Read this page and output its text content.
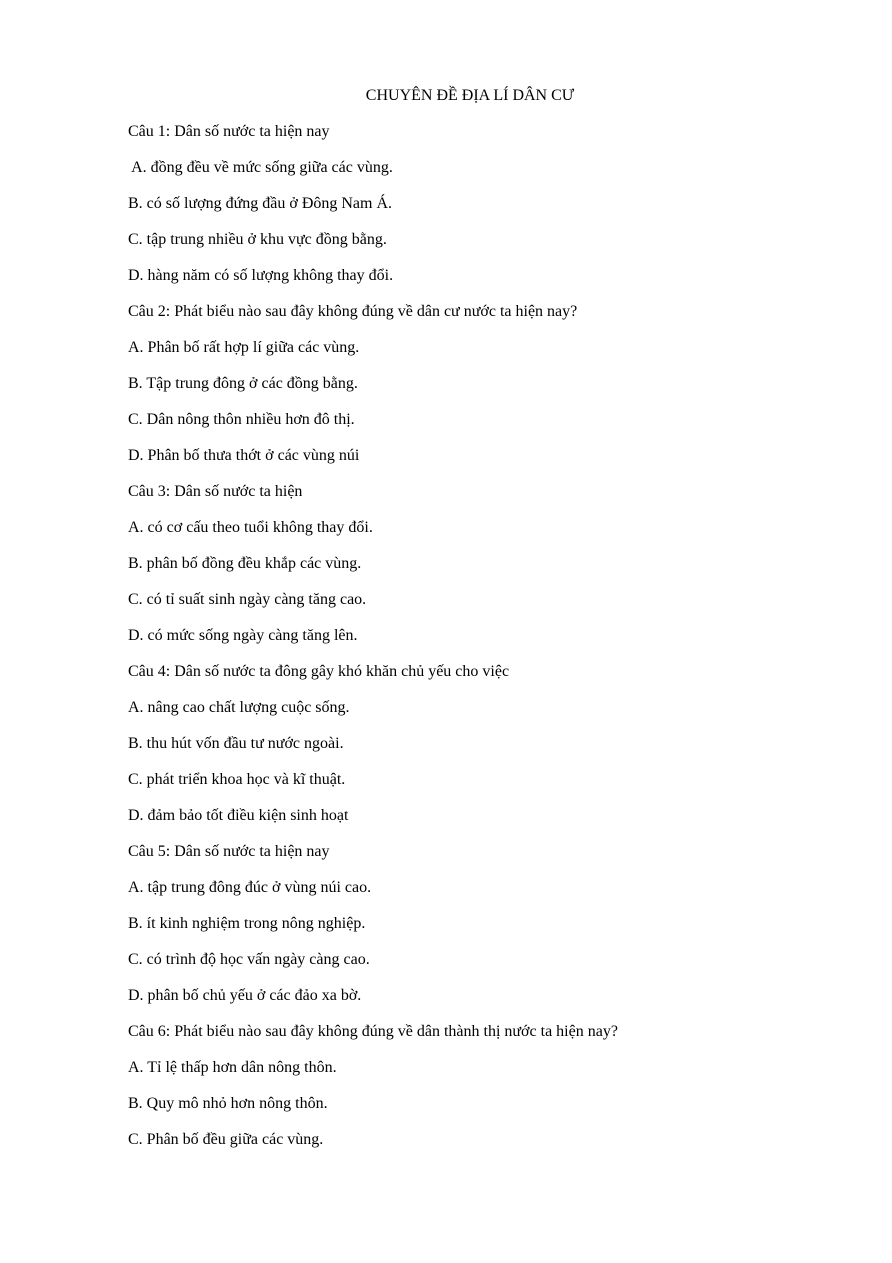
CHUYÊN ĐỀ ĐỊA LÍ DÂN CƯ
Câu 1: Dân số nước ta hiện nay
A. đồng đều về mức sống giữa các vùng.
B. có số lượng đứng đầu ở Đông Nam Á.
C. tập trung nhiều ở khu vực đồng bằng.
D. hàng năm có số lượng không thay đổi.
Câu 2: Phát biểu nào sau đây không đúng về dân cư nước ta hiện nay?
A. Phân bố rất hợp lí giữa các vùng.
B. Tập trung đông ở các đồng bằng.
C. Dân nông thôn nhiều hơn đô thị.
D. Phân bố thưa thớt ở các vùng núi
Câu 3: Dân số nước ta hiện
A. có cơ cấu theo tuổi không thay đổi.
B. phân bố đồng đều khắp các vùng.
C. có tỉ suất sinh ngày càng tăng cao.
D. có mức sống ngày càng tăng lên.
Câu 4: Dân số nước ta đông gây khó khăn chủ yếu cho việc
A. nâng cao chất lượng cuộc sống.
B. thu hút vốn đầu tư nước ngoài.
C. phát triển khoa học và kĩ thuật.
D. đảm bảo tốt điều kiện sinh hoạt
Câu 5: Dân số nước ta hiện nay
A. tập trung đông đúc ở vùng núi cao.
B. ít kinh nghiệm trong nông nghiệp.
C. có trình độ học vấn ngày càng cao.
D. phân bố chủ yếu ở các đảo xa bờ.
Câu 6: Phát biểu nào sau đây không đúng về dân thành thị nước ta hiện nay?
A. Tỉ lệ thấp hơn dân nông thôn.
B. Quy mô nhỏ hơn nông thôn.
C. Phân bố đều giữa các vùng.
